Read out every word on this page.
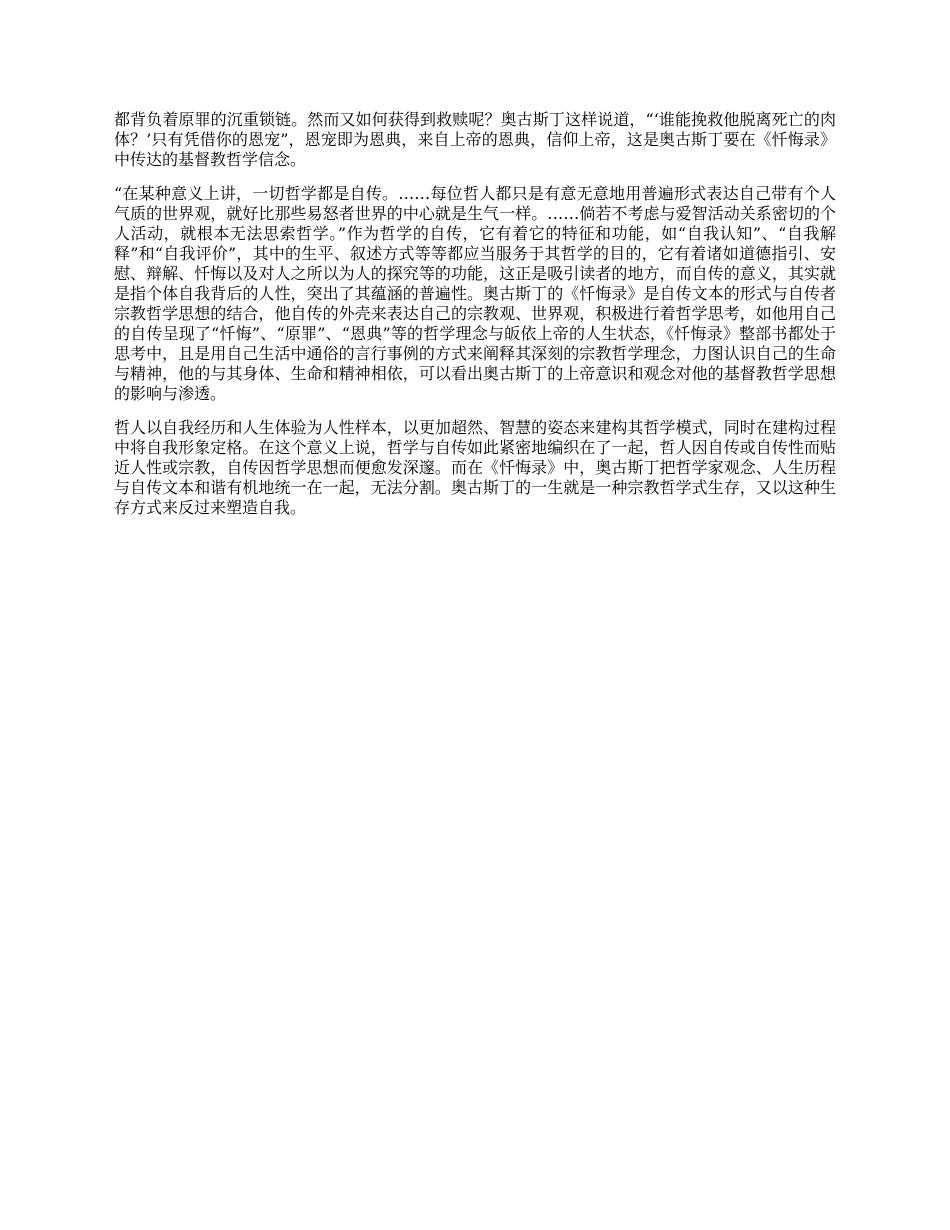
都背负着原罪的沉重锁链。然而又如何获得到救赎呢？奥古斯丁这样说道，“‘谁能挽救他脱离死亡的肉体？’只有凭借你的恩宠”，恩宠即为恩典，来自上帝的恩典，信仰上帝，这是奥古斯丁要在《忏悔录》中传达的基督教哲学信念。

“在某种意义上讲，一切哲学都是自传。……每位哲人都只是有意无意地用普遍形式表达自己带有个人气质的世界观，就好比那些易怒者世界的中心就是生气一样。……倘若不考虑与爱智活动关系密切的个人活动，就根本无法思索哲学。”作为哲学的自传，它有着它的特征和功能，如“自我认知”、“自我解释”和“自我评价”，其中的生平、叙述方式等等都应当服务于其哲学的目的，它有着诸如道德指引、安慰、辩解、忏悔以及对人之所以为人的探究等的功能，这正是吸引读者的地方，而自传的意义，其实就是指个体自我背后的人性，突出了其蕴涵的普遍性。奥古斯丁的《忏悔录》是自传文本的形式与自传者宗教哲学思想的结合，他自传的外壳来表达自己的宗教观、世界观，积极进行着哲学思考，如他用自己的自传呈现了“忏悔”、“原罪”、“恩典”等的哲学理念与皈依上帝的人生状态，《忏悔录》整部书都处于思考中，且是用自己生活中通俗的言行事例的方式来阐释其深刻的宗教哲学理念，力图认识自己的生命与精神，他的与其身体、生命和精神相依，可以看出奥古斯丁的上帝意识和观念对他的基督教哲学思想的影响与渗透。

哲人以自我经历和人生体验为人性样本，以更加超然、智慧的姿态来建构其哲学模式，同时在建构过程中将自我形象定格。在这个意义上说，哲学与自传如此紧密地编织在了一起，哲人因自传或自传性而贴近人性或宗教，自传因哲学思想而便愈发深邃。而在《忏悔录》中，奥古斯丁把哲学家观念、人生历程与自传文本和谐有机地统一在一起，无法分割。奥古斯丁的一生就是一种宗教哲学式生存，又以这种生存方式来反过来塑造自我。
